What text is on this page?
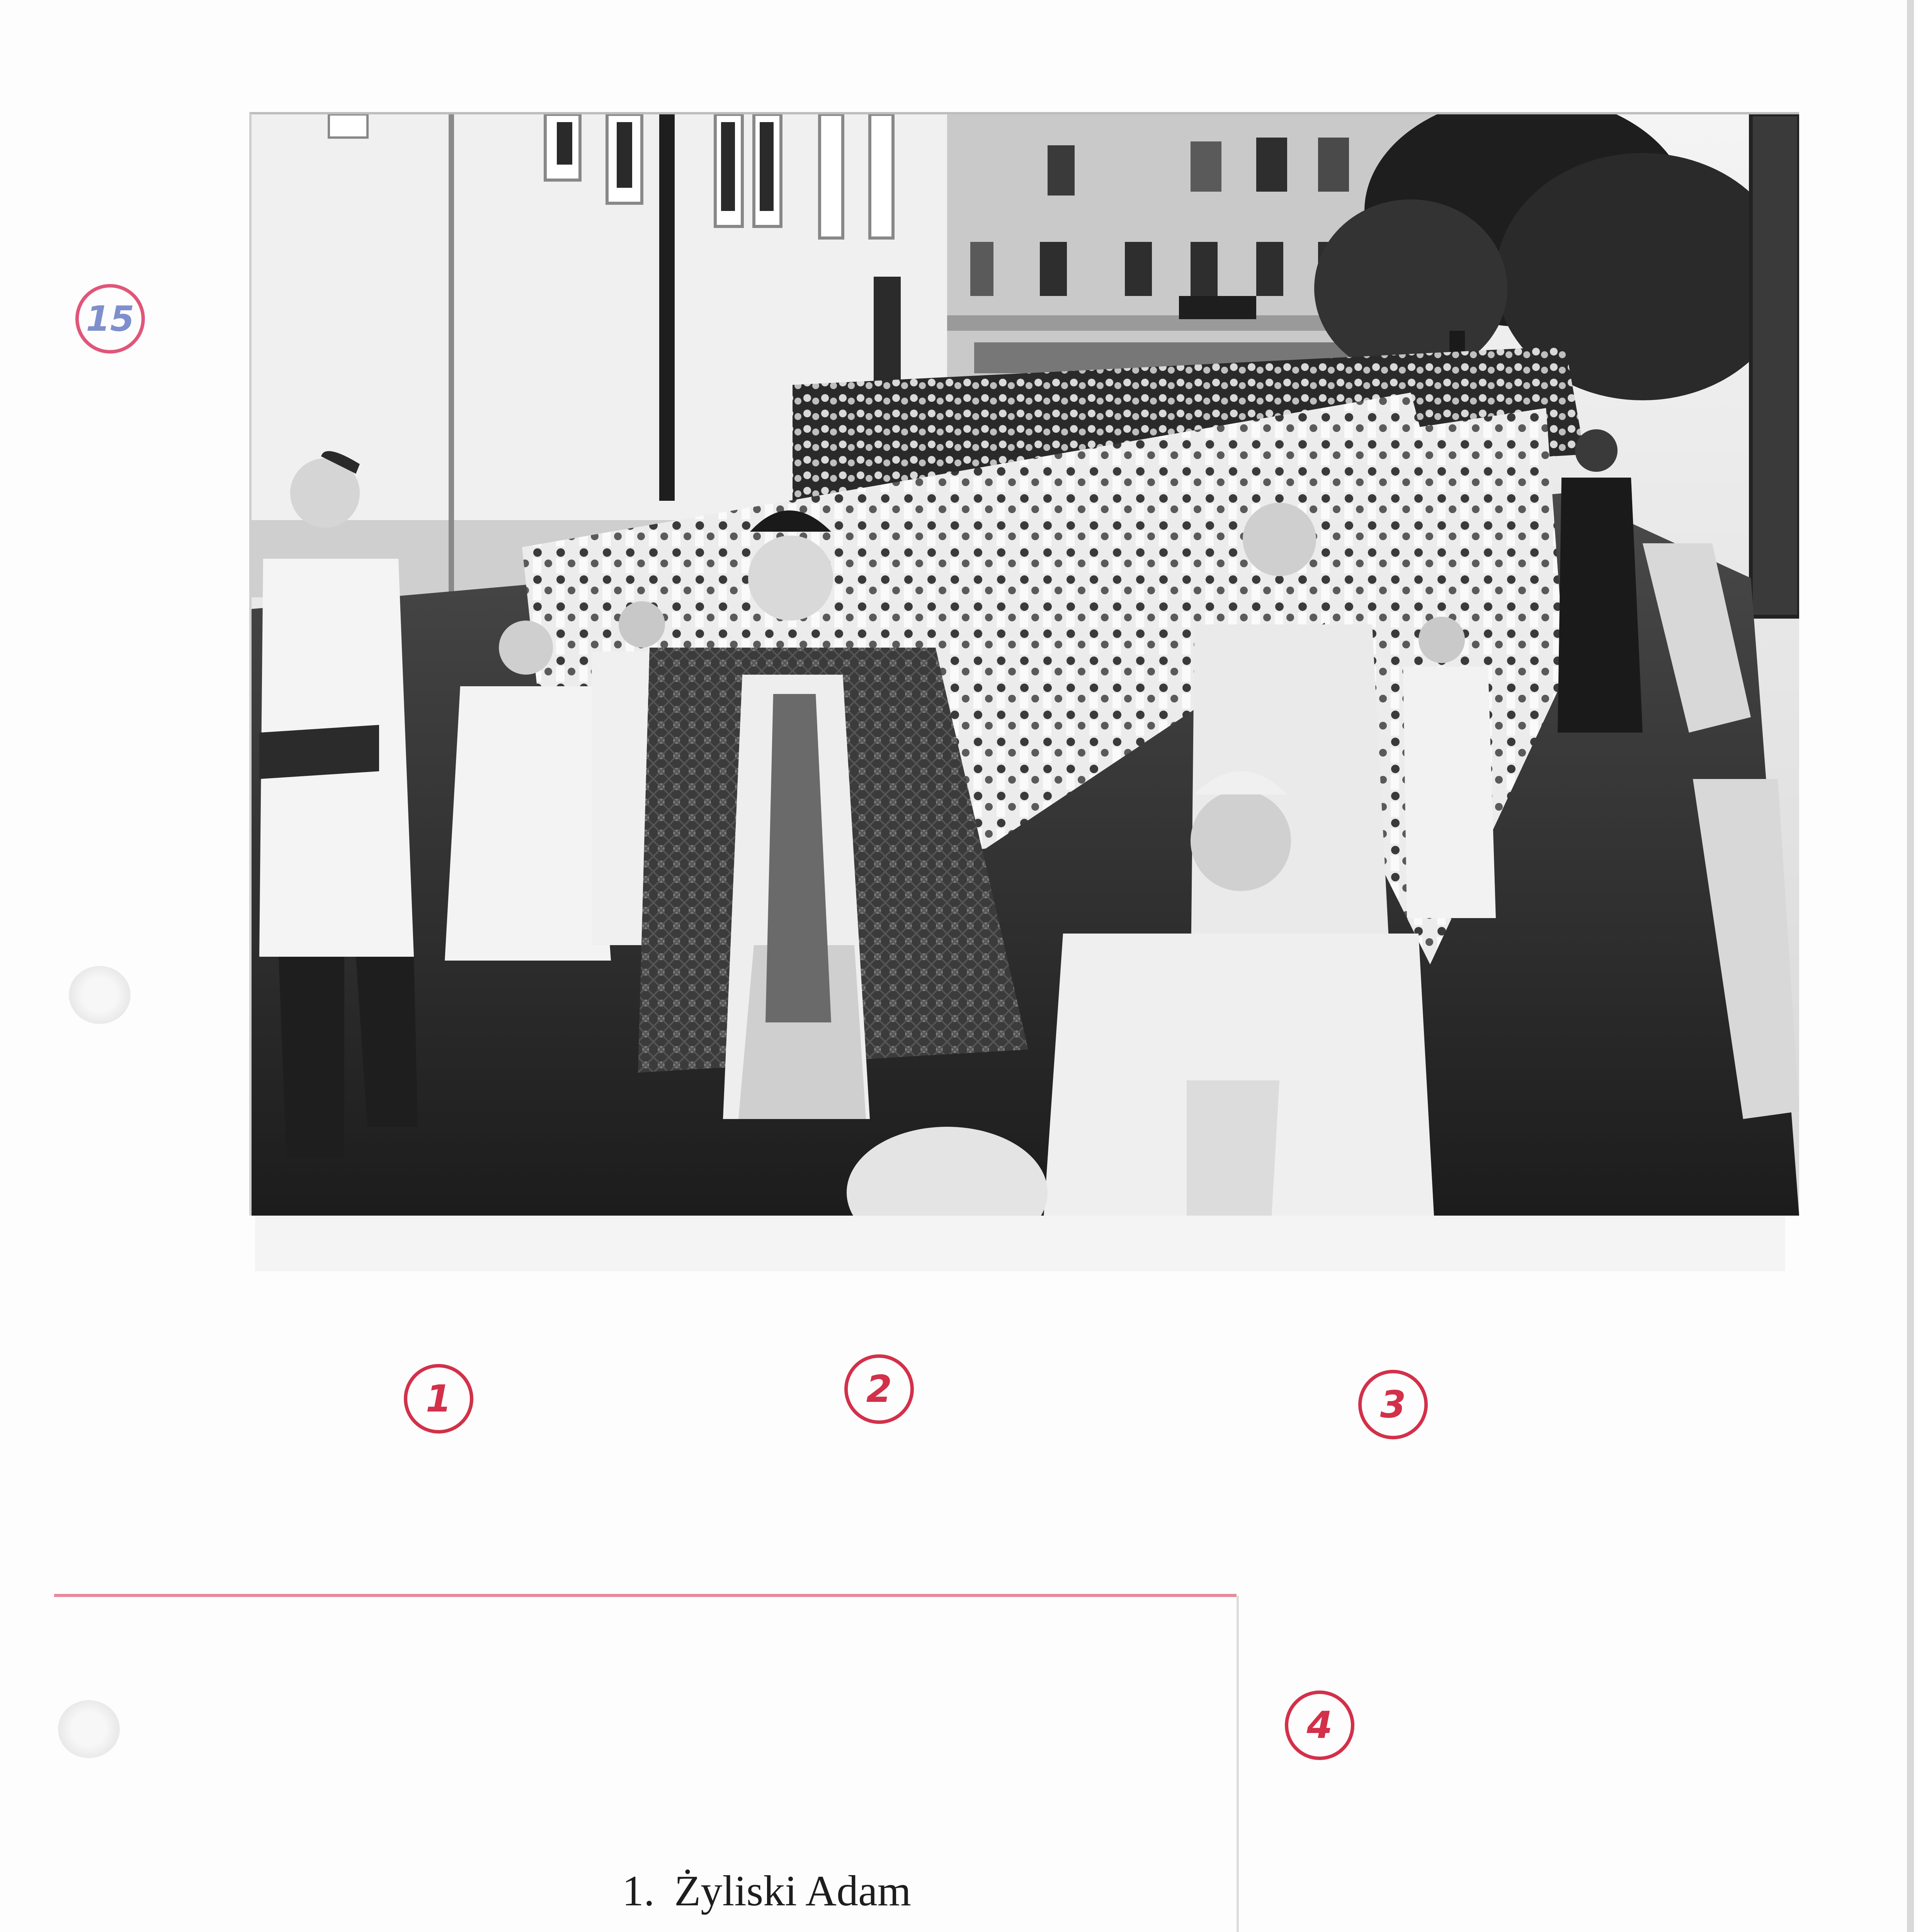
15
1	2	3
4
1. Żyliski Adam
